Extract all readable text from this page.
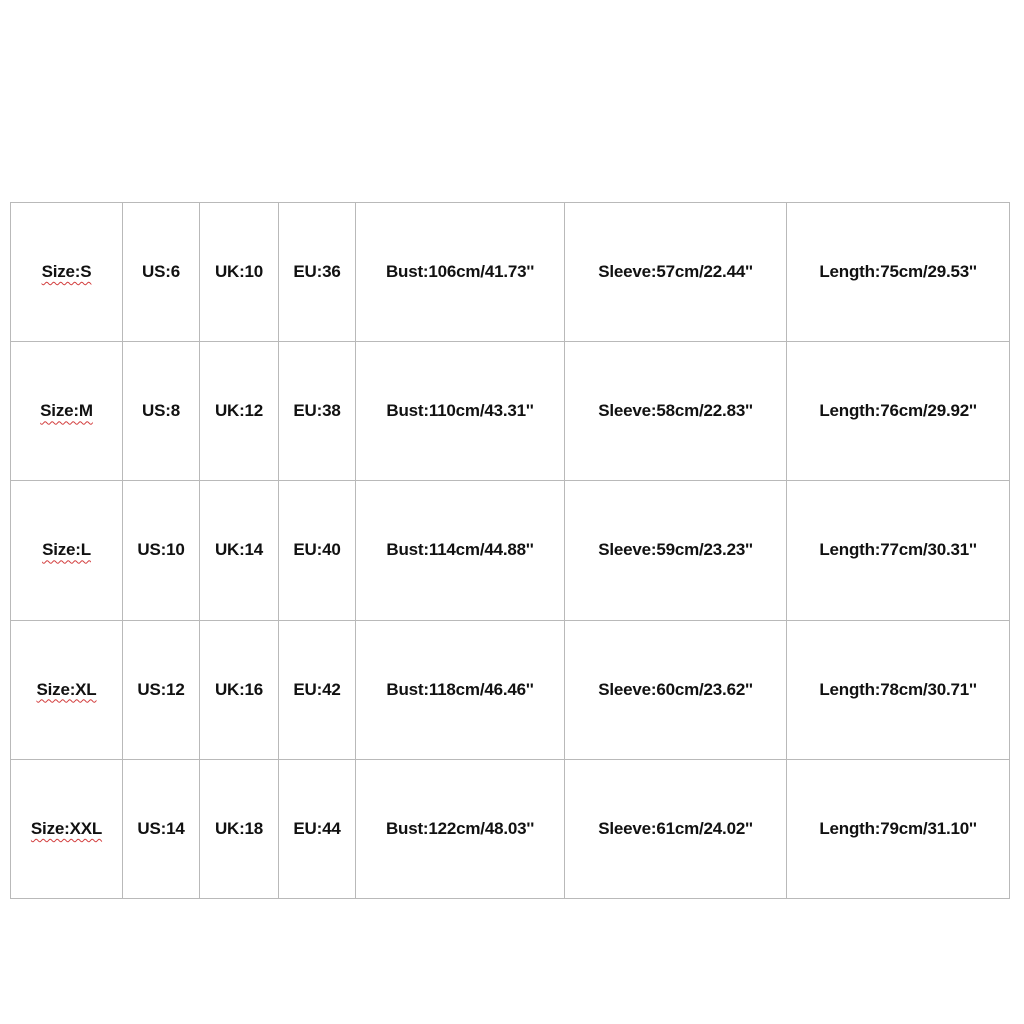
Size:S	US:6	UK:10	EU:36	Bust:106cm/41.73''	Sleeve:57cm/22.44''	Length:75cm/29.53''
Size:M	US:8	UK:12	EU:38	Bust:110cm/43.31''	Sleeve:58cm/22.83''	Length:76cm/29.92''
Size:L	US:10	UK:14	EU:40	Bust:114cm/44.88''	Sleeve:59cm/23.23''	Length:77cm/30.31''
Size:XL	US:12	UK:16	EU:42	Bust:118cm/46.46''	Sleeve:60cm/23.62''	Length:78cm/30.71''
Size:XXL	US:14	UK:18	EU:44	Bust:122cm/48.03''	Sleeve:61cm/24.02''	Length:79cm/31.10''
